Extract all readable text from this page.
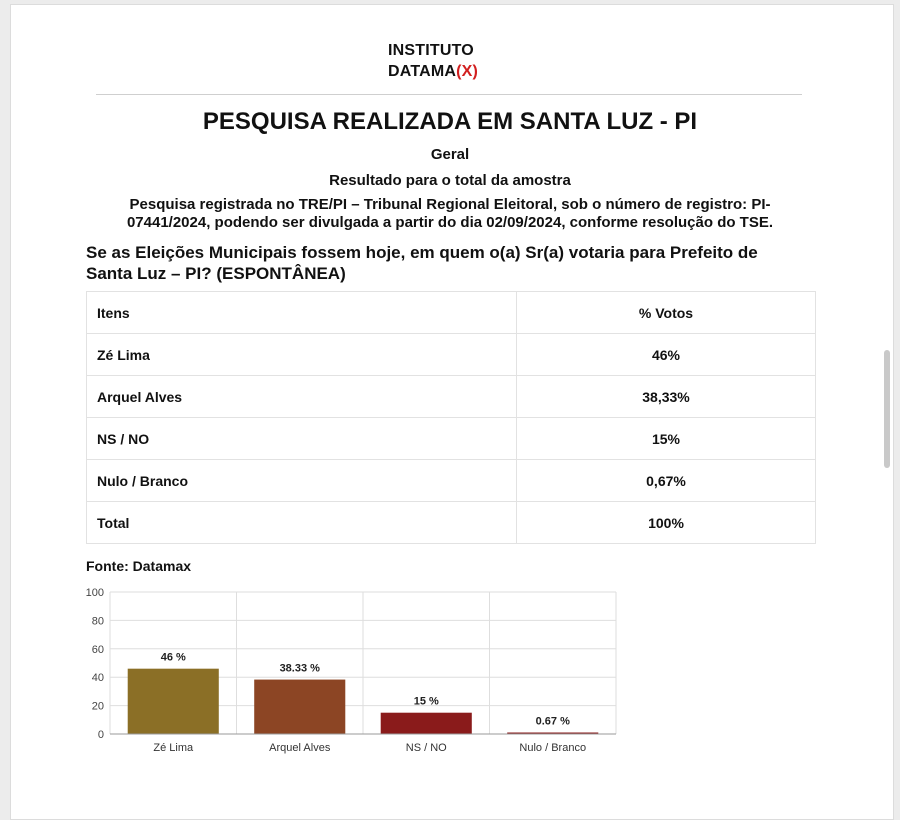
INSTITUTO
DATAMA(X)
PESQUISA REALIZADA EM SANTA LUZ - PI
Geral
Resultado para o total da amostra
Pesquisa registrada no TRE/PI – Tribunal Regional Eleitoral, sob o número de registro: PI-
07441/2024, podendo ser divulgada a partir do dia 02/09/2024, conforme resolução do TSE.
Se as Eleições Municipais fossem hoje, em quem o(a) Sr(a) votaria para Prefeito de
Santa Luz – PI? (ESPONTÂNEA)
Itens	% Votos
Zé Lima	46%
Arquel Alves	38,33%
NS / NO	15%
Nulo / Branco	0,67%
Total	100%
Fonte: Datamax
0
20
40
60
80
100
46 %
Zé Lima
38.33 %
Arquel Alves
15 %
NS / NO
0.67 %
Nulo / Branco
